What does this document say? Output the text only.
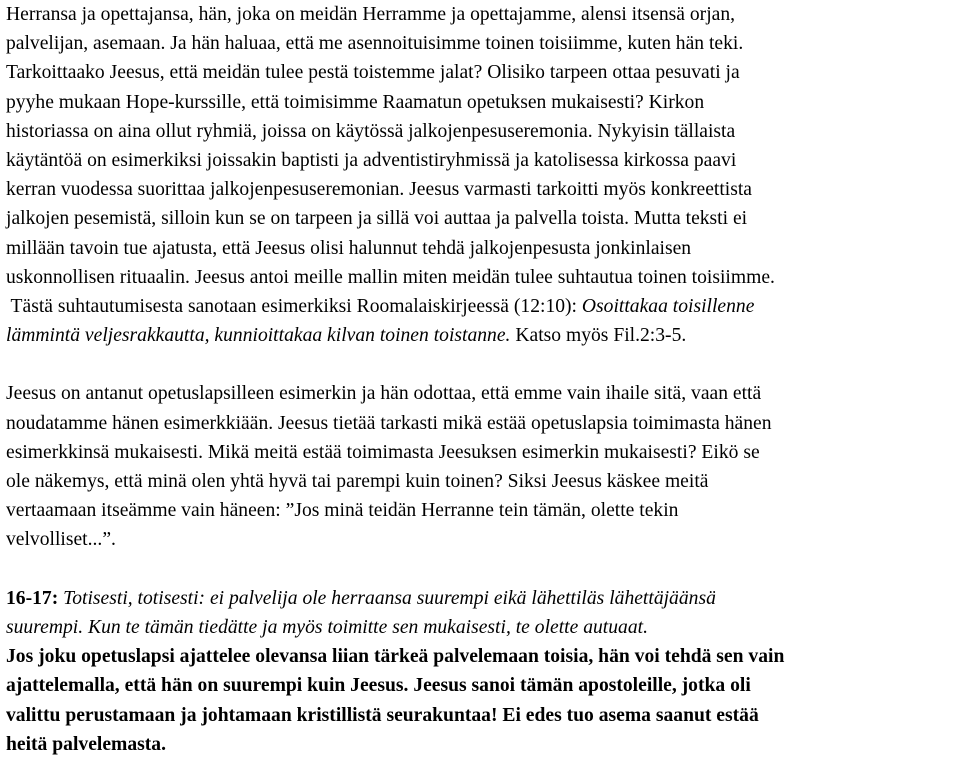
Herransa ja opettajansa, hän, joka on meidän Herramme ja opettajamme, alensi itsensä orjan,
palvelijan, asemaan. Ja hän haluaa, että me asennoituisimme toinen toisiimme, kuten hän teki.
Tarkoittaako Jeesus, että meidän tulee pestä toistemme jalat? Olisiko tarpeen ottaa pesuvati ja
pyyhe mukaan Hope-kurssille, että toimisimme Raamatun opetuksen mukaisesti? Kirkon
historiassa on aina ollut ryhmiä, joissa on käytössä jalkojenpesuseremonia. Nykyisin tällaista
käytäntöä on esimerkiksi joissakin baptisti ja adventistiryhmissä ja katolisessa kirkossa paavi
kerran vuodessa suorittaa jalkojenpesuseremonian. Jeesus varmasti tarkoitti myös konkreettista
jalkojen pesemistä, silloin kun se on tarpeen ja sillä voi auttaa ja palvella toista. Mutta teksti ei
millään tavoin tue ajatusta, että Jeesus olisi halunnut tehdä jalkojenpesusta jonkinlaisen
uskonnollisen rituaalin. Jeesus antoi meille mallin miten meidän tulee suhtautua toinen toisiimme.
Tästä suhtautumisesta sanotaan esimerkiksi Roomalaiskirjeessä (12:10): Osoittakaa toisillenne
lämmintä veljesrakkautta, kunnioittakaa kilvan toinen toistanne. Katso myös Fil.2:3-5.
Jeesus on antanut opetuslapsilleen esimerkin ja hän odottaa, että emme vain ihaile sitä, vaan että
noudatamme hänen esimerkkiään. Jeesus tietää tarkasti mikä estää opetuslapsia toimimasta hänen
esimerkkinsä mukaisesti. Mikä meitä estää toimimasta Jeesuksen esimerkin mukaisesti? Eikö se
ole näkemys, että minä olen yhtä hyvä tai parempi kuin toinen? Siksi Jeesus käskee meitä
vertaamaan itseämme vain häneen: ”Jos minä teidän Herranne tein tämän, olette tekin
velvolliset...”.
16-17: Totisesti, totisesti: ei palvelija ole herraansa suurempi eikä lähettiläs lähettäjäänsä
suurempi. Kun te tämän tiedätte ja myös toimitte sen mukaisesti, te olette autuaat.
Jos joku opetuslapsi ajattelee olevansa liian tärkeä palvelemaan toisia, hän voi tehdä sen vain
ajattelemalla, että hän on suurempi kuin Jeesus. Jeesus sanoi tämän apostoleille, jotka oli
valittu perustamaan ja johtamaan kristillistä seurakuntaa! Ei edes tuo asema saanut estää
heitä palvelemasta.
